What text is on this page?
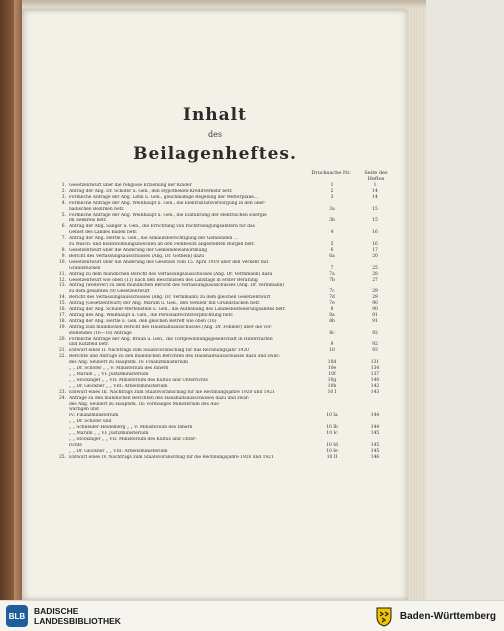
Inhalt
des
Beilagenheftes.
Drucksache Nr.	Seite des Heftes
1. Gesetzentwurf über die religiöse Erziehung der Kinder	1	1
2. Antrag der Abg. Dr. Schofer u. Gen., den Hypotheken-Kreditverkehr betr.	2	14
3. Förmliche Anfrage der Abg. Lehn u. Gen., gleichmäßige Regelung der Wetterpläne...	3	14
4. Förmliche Anfrage der Abg. Weißhaupt u. Gen., die Elektrizitätsversorgung in den ober-
badischen Bezirken betr.	3a	15
5. Förmliche Anfrage der Abg. Weißhaupt u. Gen., die Einführung der elektrischen Energie
im Seekreis betr.	3b	15
6. Antrag der Abg. Sänger u. Gen., die Errichtung von Pachtreinigungsämtern für das
Gebiet des Landes Baden betr.	4	16
7. Antrag der Abg. Hertle u. Gen., die Ankaufsberechtigung der Gemeinden ...
zu Wasch- und Kleinwohnungszwecken an den Feldbesitz abgestellten Bürgen betr.	5	16
8. Gesetzentwurf über die Änderung der Gemeindewahlordnung	6	17
9. Bericht des Verfassungsausschusses (Abg. Dr. Gothein) dazu	6a	20
10. Gesetzentwurf über die Änderung des Gesetzes vom 15. April 1919 über den Verkehr mit
Grundstücken	7	25
11. Antrag zu dem mündlichen Bericht des Verfassungsausschusses (Abg. Dr. Vermmann) dazu	7a	28
12. Gesetzentwurf wie oben (11) nach den Beschlüssen des Landtags in erster Beratung	7b	27
13. Antrag (weiterer) zu dem mündlichen Bericht des Verfassungsausschusses (Abg. Dr. Vermmann)
zu dem gesamten (9) Gesetzentwurf	7c	29
14. Bericht des Verfassungsausschusses (Abg. Dr. Vermmann) zu dem gleichen Gesetzentwurf	7d	29
15. Antrag (Gesetzentwurf) der Abg. Marum u. Gen., den Verkehr mit Grundstücken betr.	7e	90
16. Antrag der Abg. Schüler-Wertenstein u. Gen., die Aufhebung des Landesbesteuerungsamtes betr.	8	90
17. Antrag des Abg. Weißhaupt u. Gen., die Personalrechtsverpflichtung betr.	8a	91
18. Antrag der Abg. Hertle u. Gen. den gleichen Betreff wie oben (16)	8b	91
19. Antrag zum mündlichen Bericht des Haushaltsausschusses (Abg. Dr. Föhnler) über die vor-
stehenden (16—18) Anträge	8c	92
20. Förmliche Anfrage der Abg. Braun u. Gen., die Torfgewinnungsgesellschaft in Hinterzarten
und Kutzfeld betr.	9	92
21. Entwurf eines II. Nachtrags zum Staatsvoranschlag für das Rechnungsjahr 1920	10	93
22. Berichte und Anträge zu den mündlichen Berichten des Haushaltsausschusses dazu und zwar:
des Abg. Seubert zu Hauptstk. IV: Finanzministerium	10d	131
„ „ Dr. Schofer „ „ V: Ministerium des Innern	10e	134
„ „ Marum „ „ VI: Justizministerium	10f	137
„ „ Stockinger „ „ VII: Ministerium des Kultus und Unterrichts	10g	140
„ „ Dr. Glockner „ „ VIII: Arbeitsministerium	10h	142
23. Entwurf eines III. Nachtrags zum Staatsvoranschlag für die Rechnungsjahre 1920 und 1921	10 I	143
24. Anträge zu den mündlichen Berichten des Haushaltsausschusses dazu und zwar:
des Abg. Seubert zu Hauptstk. III: vormaliges Ministerium des Aus-
wärtigen und
IV: Finanzministerium	10 Ia	144
„ „ Dr. Schofer und
„ „ Schneider-Heidelberg „ „ V: Ministerium des Innern	10 Ib	144
„ „ Marum „ „ VI: Justizministerium	10 Ic	145
„ „ Stockinger „ „ VII: Ministerium des Kultus und Unter-
richts	10 Id	145
„ „ Dr. Glockner „ „ VIII: Arbeitsministerium	10 Ie	145
25. Entwurf eines IV. Nachtrags zum Staatsvoranschlag für die Rechnungsjahre 1920 und 1921	10 II	146
BLB	BADISCHE
LANDESBIBLIOTHEK	Baden-Württemberg
